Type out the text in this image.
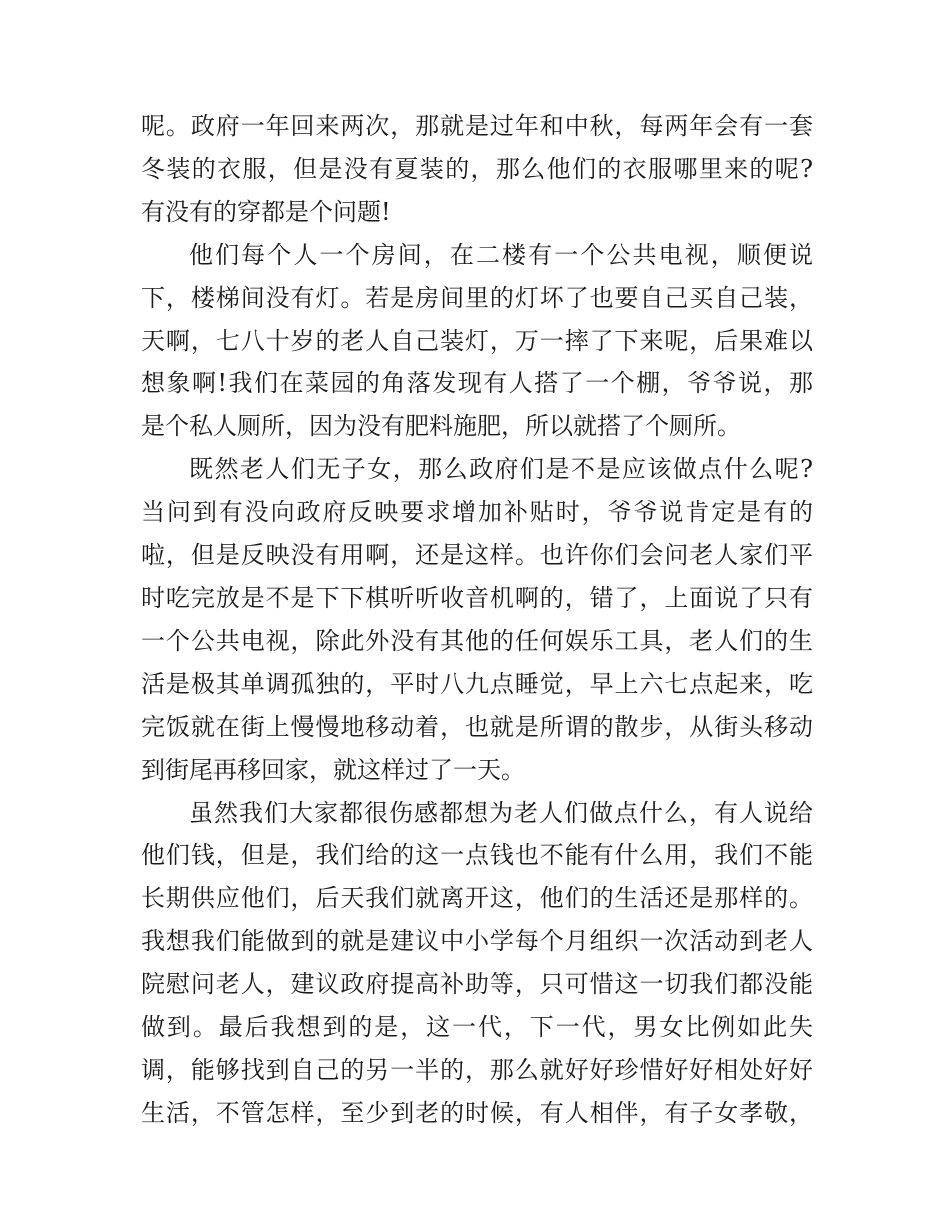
呢。政府一年回来两次，那就是过年和中秋，每两年会有一套
冬装的衣服，但是没有夏装的，那么他们的衣服哪里来的呢?
有没有的穿都是个问题!

他们每个人一个房间，在二楼有一个公共电视，顺便说
下，楼梯间没有灯。若是房间里的灯坏了也要自己买自己装，
天啊，七八十岁的老人自己装灯，万一摔了下来呢，后果难以
想象啊!我们在菜园的角落发现有人搭了一个棚，爷爷说，那
是个私人厕所，因为没有肥料施肥，所以就搭了个厕所。

既然老人们无子女，那么政府们是不是应该做点什么呢?
当问到有没向政府反映要求增加补贴时，爷爷说肯定是有的
啦，但是反映没有用啊，还是这样。也许你们会问老人家们平
时吃完放是不是下下棋听听收音机啊的，错了，上面说了只有
一个公共电视，除此外没有其他的任何娱乐工具，老人们的生
活是极其单调孤独的，平时八九点睡觉，早上六七点起来，吃
完饭就在街上慢慢地移动着，也就是所谓的散步，从街头移动
到街尾再移回家，就这样过了一天。

虽然我们大家都很伤感都想为老人们做点什么，有人说给
他们钱，但是，我们给的这一点钱也不能有什么用，我们不能
长期供应他们，后天我们就离开这，他们的生活还是那样的。
我想我们能做到的就是建议中小学每个月组织一次活动到老人
院慰问老人，建议政府提高补助等，只可惜这一切我们都没能
做到。最后我想到的是，这一代，下一代，男女比例如此失
调，能够找到自己的另一半的，那么就好好珍惜好好相处好好
生活，不管怎样，至少到老的时候，有人相伴，有子女孝敬，
